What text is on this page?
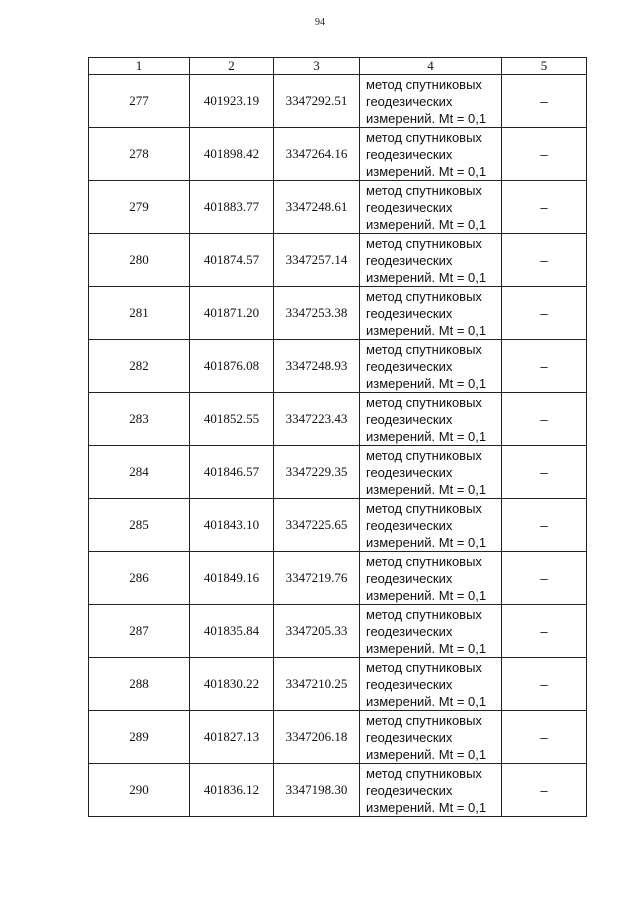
94
1	2	3	4	5
277	401923.19	3347292.51	метод спутниковых
геодезических
измерений. Mt = 0,1	–
278	401898.42	3347264.16	метод спутниковых
геодезических
измерений. Mt = 0,1	–
279	401883.77	3347248.61	метод спутниковых
геодезических
измерений. Mt = 0,1	–
280	401874.57	3347257.14	метод спутниковых
геодезических
измерений. Mt = 0,1	–
281	401871.20	3347253.38	метод спутниковых
геодезических
измерений. Mt = 0,1	–
282	401876.08	3347248.93	метод спутниковых
геодезических
измерений. Mt = 0,1	–
283	401852.55	3347223.43	метод спутниковых
геодезических
измерений. Mt = 0,1	–
284	401846.57	3347229.35	метод спутниковых
геодезических
измерений. Mt = 0,1	–
285	401843.10	3347225.65	метод спутниковых
геодезических
измерений. Mt = 0,1	–
286	401849.16	3347219.76	метод спутниковых
геодезических
измерений. Mt = 0,1	–
287	401835.84	3347205.33	метод спутниковых
геодезических
измерений. Mt = 0,1	–
288	401830.22	3347210.25	метод спутниковых
геодезических
измерений. Mt = 0,1	–
289	401827.13	3347206.18	метод спутниковых
геодезических
измерений. Mt = 0,1	–
290	401836.12	3347198.30	метод спутниковых
геодезических
измерений. Mt = 0,1	–
